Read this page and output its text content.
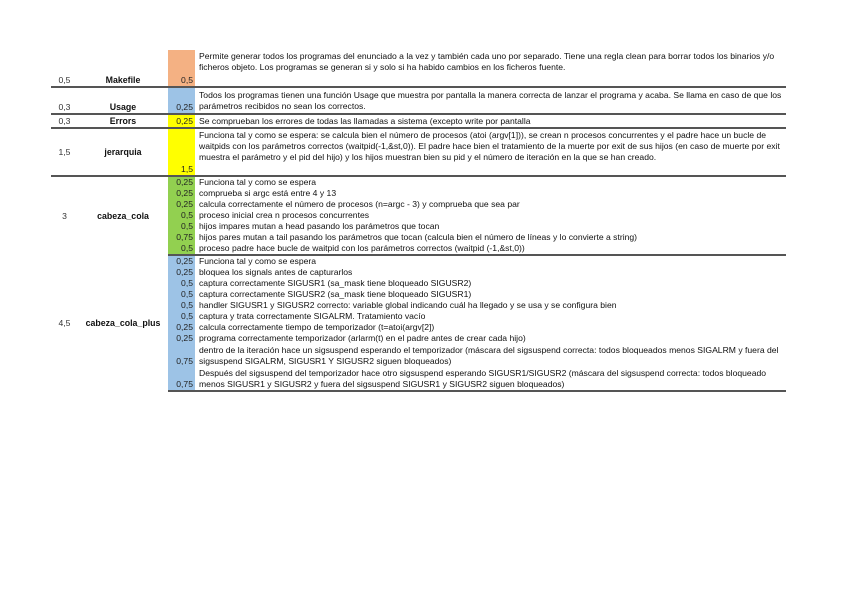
0,5	Makefile	0,5	Permite generar todos los programas del enunciado a la vez y también cada uno por separado. Tiene una regla clean para borrar todos los binarios y/o ficheros objeto. Los programas se generan si y solo si ha habido cambios en los ficheros fuente.

0,3	Usage	0,25	Todos los programas tienen una función Usage que muestra por pantalla la manera correcta de lanzar el programa y acaba. Se llama en caso de que los parámetros recibidos no sean los correctos.

0,3	Errors	0,25	Se comprueban los errores de todas las llamadas a sistema (excepto write por pantalla
1,5	jerarquia	1,5	Funciona tal y como se espera: se calcula bien el número de procesos (atoi (argv[1])), se crean n procesos concurrentes y el padre hace un bucle de waitpids con los parámetros correctos (waitpid(-1,&st,0)). El padre hace bien el tratamiento de la muerte por exit de sus hijos (en caso de muerte por exit muestra el parámetro y el pid del hijo) y los hijos muestran bien su pid y el número de iteración en la que se han creado.

3	cabeza_cola	0,25	Funciona tal y como se espera
		0,25	comprueba si argc está entre 4 y 13
		0,25	calcula correctamente el número de procesos (n=argc - 3) y comprueba que sea par
		0,5	proceso inicial crea n procesos concurrentes
		0,5	hijos impares mutan a head pasando los parámetros que tocan
		0,75	hijos pares mutan a tail pasando los parámetros que tocan (calcula bien el número de líneas y lo convierte a string)
		0,5	proceso padre hace bucle de waitpid con los parámetros correctos (waitpid (-1,&st,0))
4,5	cabeza_cola_plus	0,25	Funciona tal y como se espera
		0,25	bloquea los signals antes de capturarlos
		0,5	captura correctamente SIGUSR1 (sa_mask tiene bloqueado SIGUSR2)
		0,5	captura correctamente SIGUSR2 (sa_mask tiene bloqueado SIGUSR1)
		0,5	handler SIGUSR1 y SIGUSR2 correcto: variable global indicando cuál ha llegado y se usa y se configura bien
		0,5	captura y trata correctamente SIGALRM. Tratamiento vacío
		0,25	calcula correctamente tiempo de temporizador (t=atoi(argv[2])
		0,25	programa correctamente temporizador (arlarm(t) en el padre antes de crear cada hijo)
		0,75	dentro de la iteración hace un sigsuspend esperando el temporizador (máscara del sigsuspend correcta: todos bloqueados menos SIGALRM y fuera del sigsuspend SIGALRM, SIGUSR1 Y SIGUSR2 siguen bloqueados)
		0,75	Después del sigsuspend del temporizador hace otro sigsuspend esperando SIGUSR1/SIGUSR2 (máscara del sigsuspend correcta: todos bloqueado menos SIGUSR1 y SIGUSR2 y fuera del sigsuspend SIGUSR1 y SIGUSR2 siguen bloqueados)
